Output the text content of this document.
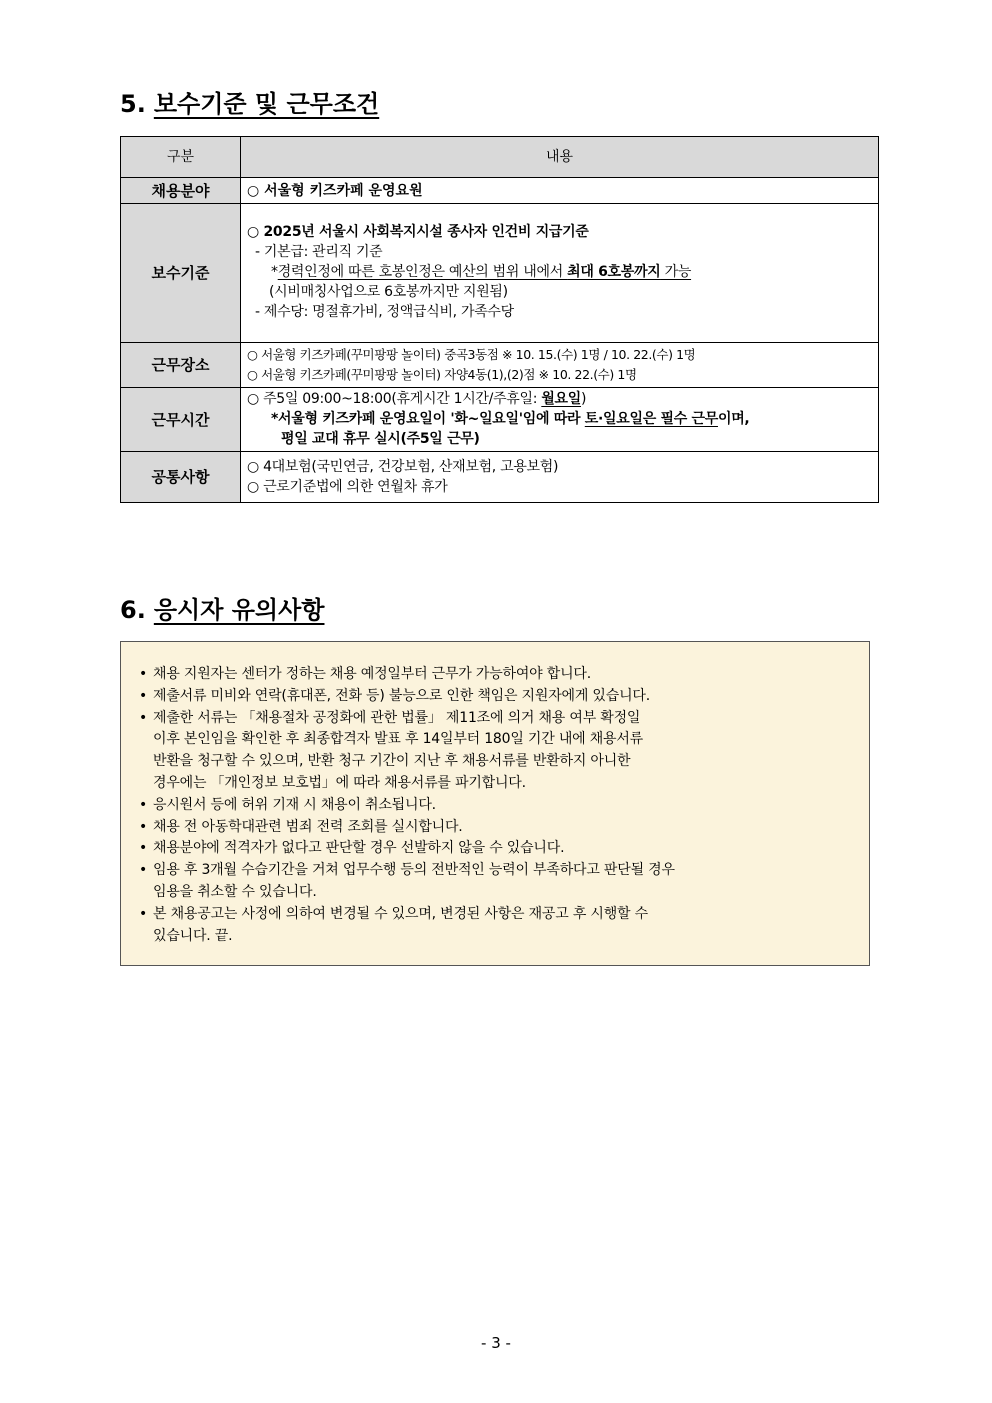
5. 보수기준 및 근무조건
구분	내용
채용분야	○ 서울형 키즈카페 운영요원
보수기준	○ 2025년 서울시 사회복지시설 종사자 인건비 지급기준
- 기본급: 관리직 기준
*경력인정에 따른 호봉인정은 예산의 범위 내에서 최대 6호봉까지 가능
(시비매칭사업으로 6호봉까지만 지원됨)
- 제수당: 명절휴가비, 정액급식비, 가족수당

근무장소	○ 서울형 키즈카페(꾸미팡팡 놀이터) 중곡3동점 ※ 10. 15.(수) 1명 / 10. 22.(수) 1명
○ 서울형 키즈카페(꾸미팡팡 놀이터) 자양4동(1),(2)점 ※ 10. 22.(수) 1명

근무시간	○ 주5일 09:00~18:00(휴게시간 1시간/주휴일: 월요일)
*서울형 키즈카페 운영요일이 '화~일요일'임에 따라 토·일요일은 필수 근무이며,
평일 교대 휴무 실시(주5일 근무)

공통사항	○ 4대보험(국민연금, 건강보험, 산재보험, 고용보험)
○ 근로기준법에 의한 연월차 휴가
6. 응시자 유의사항
• 채용 지원자는 센터가 정하는 채용 예정일부터 근무가 가능하여야 합니다.
• 제출서류 미비와 연락(휴대폰, 전화 등) 불능으로 인한 책임은 지원자에게 있습니다.
• 제출한 서류는 「채용절차 공정화에 관한 법률」 제11조에 의거 채용 여부 확정일
이후 본인임을 확인한 후 최종합격자 발표 후 14일부터 180일 기간 내에 채용서류
반환을 청구할 수 있으며, 반환 청구 기간이 지난 후 채용서류를 반환하지 아니한
경우에는 「개인정보 보호법」에 따라 채용서류를 파기합니다.
• 응시원서 등에 허위 기재 시 채용이 취소됩니다.
• 채용 전 아동학대관련 범죄 전력 조회를 실시합니다.
• 채용분야에 적격자가 없다고 판단할 경우 선발하지 않을 수 있습니다.
• 임용 후 3개월 수습기간을 거쳐 업무수행 등의 전반적인 능력이 부족하다고 판단될 경우
임용을 취소할 수 있습니다.
• 본 채용공고는 사정에 의하여 변경될 수 있으며, 변경된 사항은 재공고 후 시행할 수
있습니다. 끝.
- 3 -
